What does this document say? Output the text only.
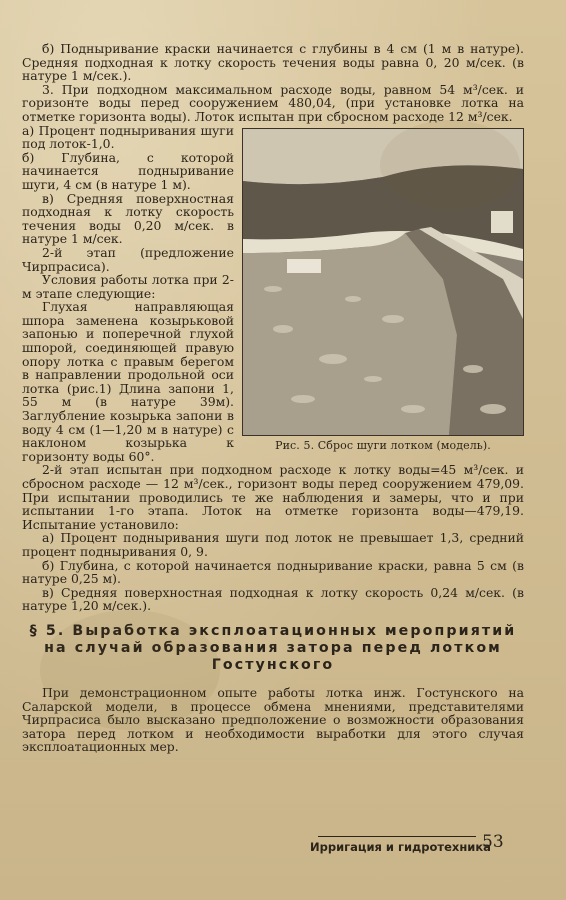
б) Подныривание краски начинается с глубины в 4 см (1 м в натуре). Средняя подходная к лотку скорость течения воды равна 0, 20 м/сек. (в натуре 1 м/сек.).

3. При подходном максимальном расходе воды, равном 54 м³/сек. и горизонте воды перед сооружением 480,04, (при установке лотка на отметке горизонта воды). Лоток испытан при сбросном расходе 12 м³/сек.

Рис. 5. Сброс шуги лотком (модель).

а) Процент подныривания шуги под лоток-1,0.

б) Глубина, с которой начинается подныривание шуги, 4 см (в натуре 1 м).

в) Средняя поверхностная подходная к лотку скорость течения воды 0,20 м/сек. в натуре 1 м/сек.

2-й этап (предложение Чирпрасиса).

Условия работы лотка при 2-м этапе следующие:

Глухая направляющая шпора заменена козырьковой запонью и поперечной глухой шпорой, соединяющей правую опору лотка с правым берегом в направлении продольной оси лотка (рис.1) Длина запони 1, 55 м (в натуре 39м). Заглубление козырька запони в воду 4 см (1—1,20 м в натуре) с наклоном козырька к горизонту воды 60°.

2-й этап испытан при подходном расходе к лотку воды=45 м³/сек. и сбросном расходе — 12 м³/сек., горизонт воды перед сооружением 479,09. При испытании проводились те же наблюдения и замеры, что и при испытании 1-го этапа. Лоток на отметке горизонта воды—479,19. Испытание установило:

а) Процент подныривания шуги под лоток не превышает 1,3, средний процент подныривания 0, 9.

б) Глубина, с которой начинается подныривание краски, равна 5 см (в натуре 0,25 м).

в) Средняя поверхностная подходная к лотку скорость 0,24 м/сек. (в натуре 1,20 м/сек.).

§ 5. Выработка эксплоатационных мероприятий на случай образования затора перед лотком Гостунского

При демонстрационном опыте работы лотка инж. Гостунского на Саларской модели, в процессе обмена мнениями, представителями Чирпрасиса было высказано предположение о возможности образования затора перед лотком и необходимости выработки для этого случая эксплоатационных мер.

Ирригация и гидротехника
53
